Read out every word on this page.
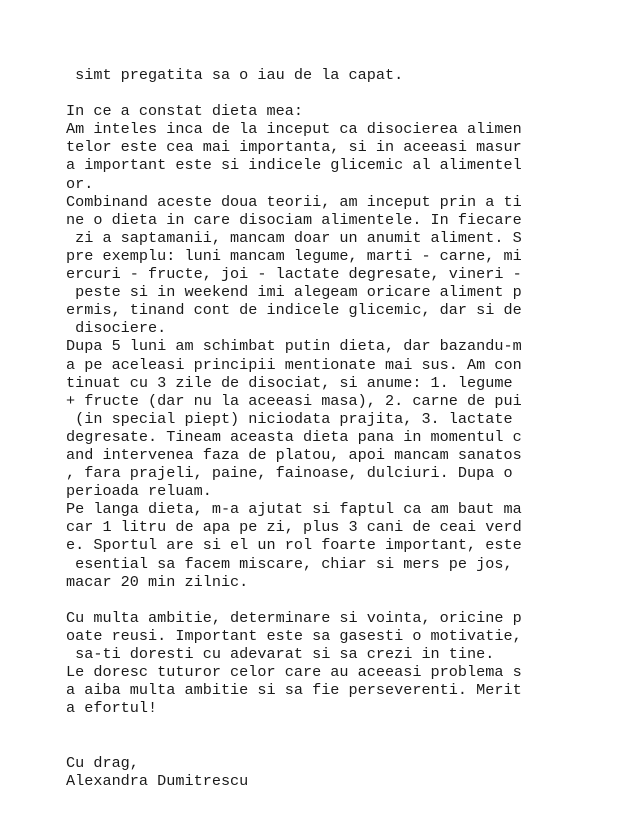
simt pregatita sa o iau de la capat.

In ce a constat dieta mea:
Am inteles inca de la inceput ca disocierea alimen
telor este cea mai importanta, si in aceeasi masur
a important este si indicele glicemic al alimentel
or.
Combinand aceste doua teorii, am inceput prin a ti
ne o dieta in care disociam alimentele. In fiecare
zi a saptamanii, mancam doar un anumit aliment. S
pre exemplu: luni mancam legume, marti - carne, mi
ercuri - fructe, joi - lactate degresate, vineri -
peste si in weekend imi alegeam oricare aliment p
ermis, tinand cont de indicele glicemic, dar si de
disociere.
Dupa 5 luni am schimbat putin dieta, dar bazandu-m
a pe aceleasi principii mentionate mai sus. Am con
tinuat cu 3 zile de disociat, si anume: 1. legume
+ fructe (dar nu la aceeasi masa), 2. carne de pui
(in special piept) niciodata prajita, 3. lactate
degresate. Tineam aceasta dieta pana in momentul c
and intervenea faza de platou, apoi mancam sanatos
, fara prajeli, paine, fainoase, dulciuri. Dupa o
perioada reluam.
Pe langa dieta, m-a ajutat si faptul ca am baut ma
car 1 litru de apa pe zi, plus 3 cani de ceai verd
e. Sportul are si el un rol foarte important, este
esential sa facem miscare, chiar si mers pe jos,
macar 20 min zilnic.

Cu multa ambitie, determinare si vointa, oricine p
oate reusi. Important este sa gasesti o motivatie,
sa-ti doresti cu adevarat si sa crezi in tine.
Le doresc tuturor celor care au aceeasi problema s
a aiba multa ambitie si sa fie perseverenti. Merit
a efortul!

Cu drag,
Alexandra Dumitrescu
